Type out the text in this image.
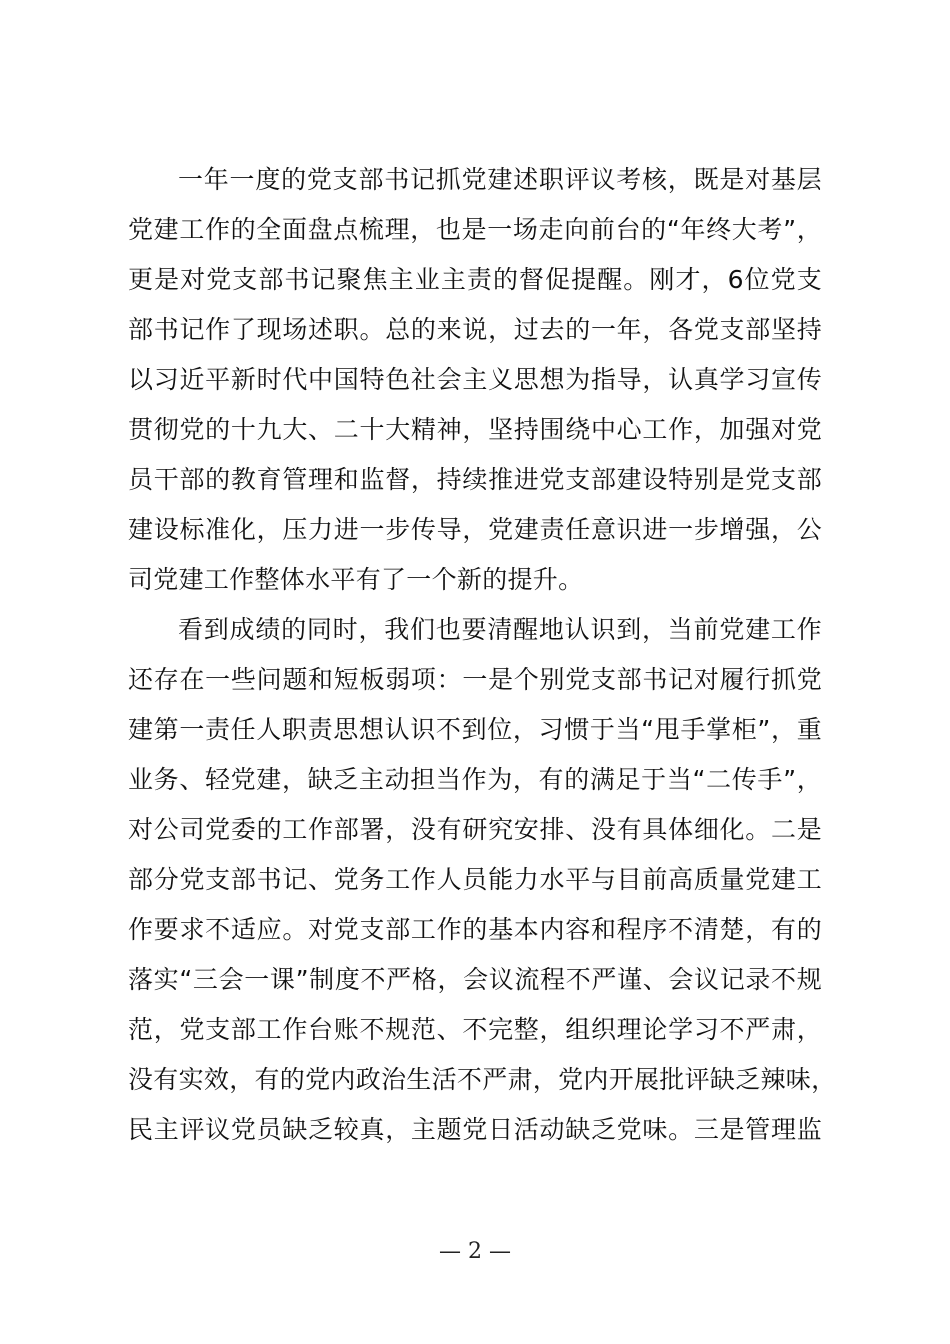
一年一度的党支部书记抓党建述职评议考核，既是对基层
党建工作的全面盘点梳理，也是一场走向前台的“年终大考”，
更是对党支部书记聚焦主业主责的督促提醒。刚才，6位党支
部书记作了现场述职。总的来说，过去的一年，各党支部坚持
以习近平新时代中国特色社会主义思想为指导，认真学习宣传
贯彻党的十九大、二十大精神，坚持围绕中心工作，加强对党
员干部的教育管理和监督，持续推进党支部建设特别是党支部
建设标准化，压力进一步传导，党建责任意识进一步增强，公
司党建工作整体水平有了一个新的提升。
看到成绩的同时，我们也要清醒地认识到，当前党建工作
还存在一些问题和短板弱项：一是个别党支部书记对履行抓党
建第一责任人职责思想认识不到位，习惯于当“甩手掌柜”，重
业务、轻党建，缺乏主动担当作为，有的满足于当“二传手”，
对公司党委的工作部署，没有研究安排、没有具体细化。二是
部分党支部书记、党务工作人员能力水平与目前高质量党建工
作要求不适应。对党支部工作的基本内容和程序不清楚，有的
落实“三会一课”制度不严格，会议流程不严谨、会议记录不规
范，党支部工作台账不规范、不完整，组织理论学习不严肃，
没有实效，有的党内政治生活不严肃，党内开展批评缺乏辣味，
民主评议党员缺乏较真，主题党日活动缺乏党味。三是管理监
— 2 —
